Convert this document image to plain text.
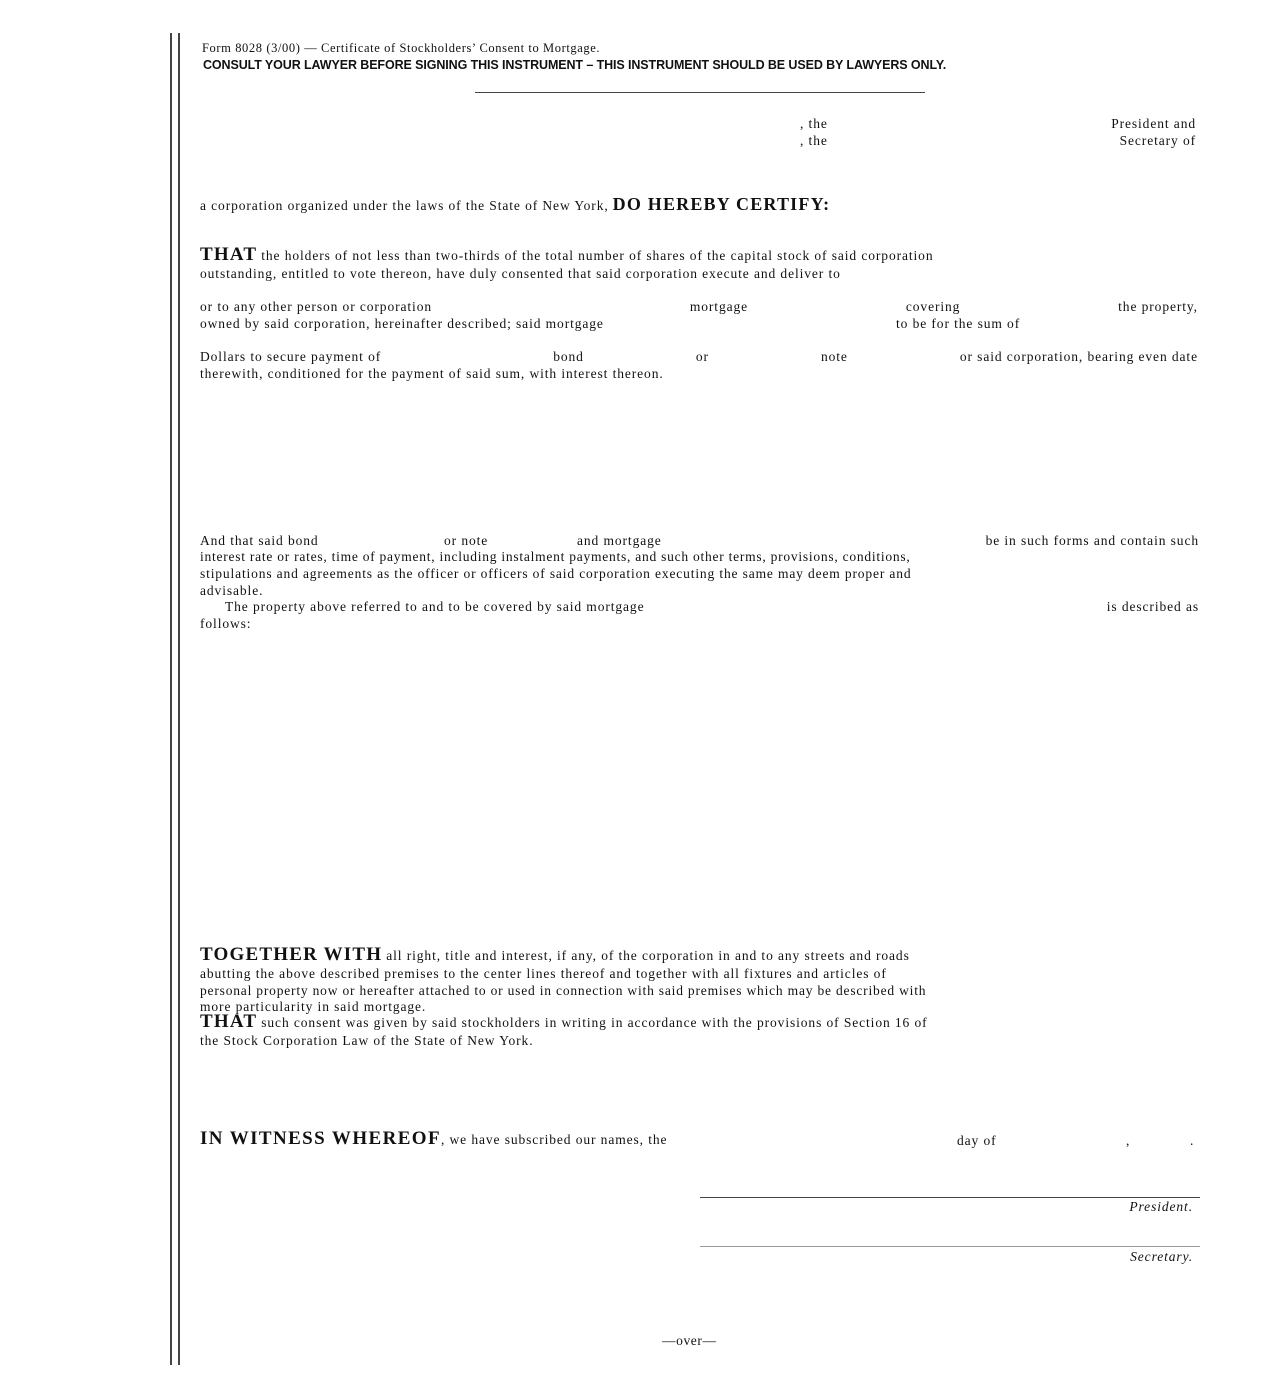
Form 8028 (3/00) — Certificate of Stockholders’ Consent to Mortgage.
CONSULT YOUR LAWYER BEFORE SIGNING THIS INSTRUMENT – THIS INSTRUMENT SHOULD BE USED BY LAWYERS ONLY.
, the	President and
, the	Secretary of
a corporation organized under the laws of the State of New York, DO HEREBY CERTIFY:
THAT the holders of not less than two-thirds of the total number of shares of the capital stock of said corporation
outstanding, entitled to vote thereon, have duly consented that said corporation execute and deliver to
or to any other person or corporation	mortgage	covering	the property,
owned by said corporation, hereinafter described; said mortgage	to be for the sum of
Dollars to secure payment of	bond	or	note	or said corporation, bearing even date
therewith, conditioned for the payment of said sum, with interest thereon.
And that said bond	or note	and mortgage	be in such forms and contain such
interest rate or rates, time of payment, including instalment payments, and such other terms, provisions, conditions,
stipulations and agreements as the officer or officers of said corporation executing the same may deem proper and
advisable.
The property above referred to and to be covered by said mortgage	is described as
follows:
TOGETHER WITH all right, title and interest, if any, of the corporation in and to any streets and roads
abutting the above described premises to the center lines thereof and together with all fixtures and articles of
personal property now or hereafter attached to or used in connection with said premises which may be described with
more particularity in said mortgage.
THAT such consent was given by said stockholders in writing in accordance with the provisions of Section 16 of
the Stock Corporation Law of the State of New York.
IN WITNESS WHEREOF, we have subscribed our names, the	day of	,	.
President.
Secretary.
—over—
